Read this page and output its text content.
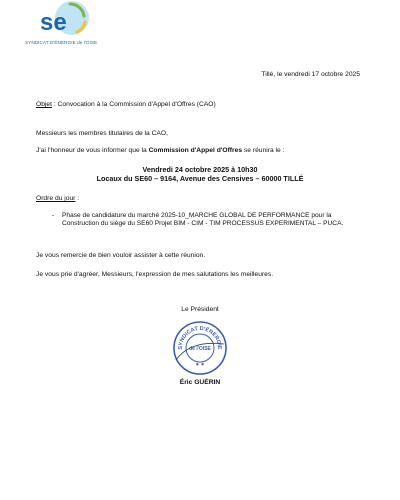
se
SYNDICAT D'ÉNERGIE de l'OISE
Tillé, le vendredi 17 octobre 2025
Objet : Convocation à la Commission d'Appel d'Offres (CAO)
Messieurs les membres titulaires de la CAO,
J'ai l'honneur de vous informer que la Commission d'Appel d'Offres se réunira le :
Vendredi 24 octobre 2025 à 10h30
Locaux du SE60 – 9164, Avenue des Censives – 60000 TILLÉ
Ordre du jour :
- Phase de candidature du marché 2025-10_MARCHE GLOBAL DE PERFORMANCE pour la Construction du siège du SE60 Projet BIM - CIM - TIM PROCESSUS EXPERIMENTAL – PUCA.
Je vous remercie de bien vouloir assister à cette réunion.
Je vous prie d'agréer, Messieurs, l'expression de mes salutations les meilleures.
Le Président
SYNDICAT D'ÉNERGIE
★ ★
de l'OISE
Éric GUÉRIN
